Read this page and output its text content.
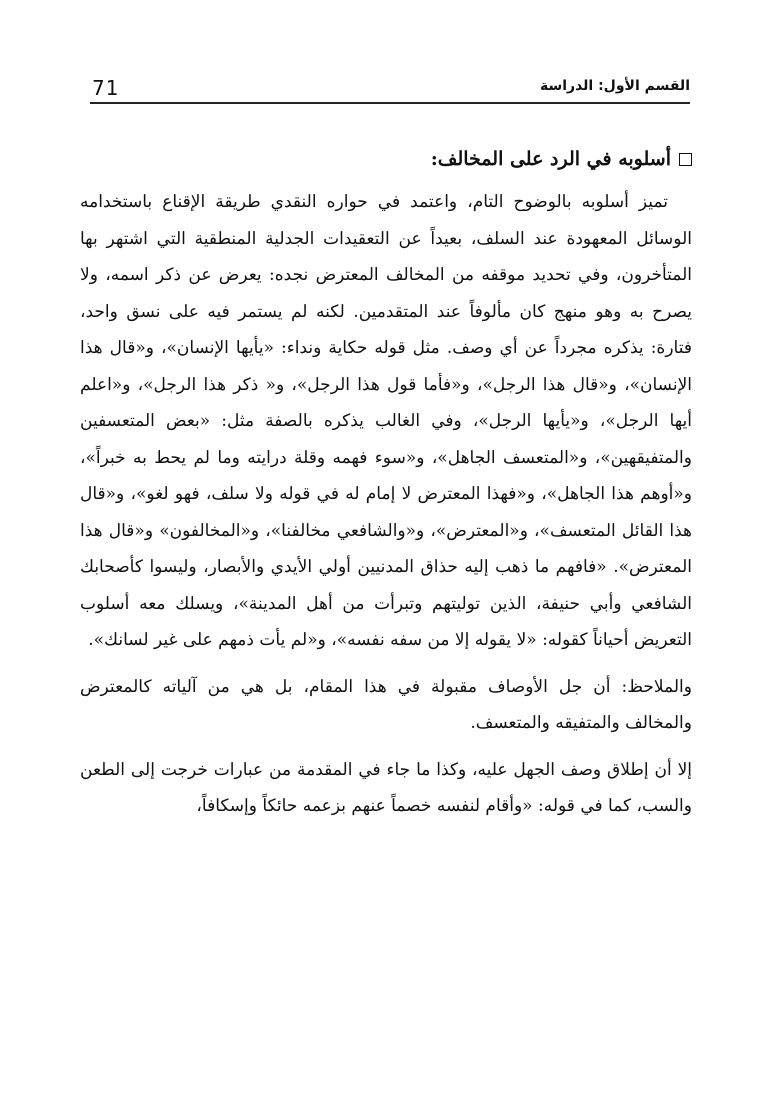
71	القسم الأول: الدراسة
أسلوبه في الرد على المخالف:

تميز أسلوبه بالوضوح التام، واعتمد في حواره النقدي طريقة الإقناع باستخدامه الوسائل المعهودة عند السلف، بعيداً عن التعقيدات الجدلية المنطقية التي اشتهر بها المتأخرون، وفي تحديد موقفه من المخالف المعترض نجده: يعرض عن ذكر اسمه، ولا يصرح به وهو منهج كان مألوفاً عند المتقدمين. لكنه لم يستمر فيه على نسق واحد، فتارة: يذكره مجرداً عن أي وصف. مثل قوله حكاية ونداء: «يأيها الإنسان»، و«قال هذا الإنسان»، و«قال هذا الرجل»، و«فأما قول هذا الرجل»، و« ذكر هذا الرجل»، و«اعلم أيها الرجل»، و«يأيها الرجل»، وفي الغالب يذكره بالصفة مثل: «بعض المتعسفين والمتفيقهين»، و«المتعسف الجاهل»، و«سوء فهمه وقلة درايته وما لم يحط به خبراً»، و«أوهم هذا الجاهل»، و«فهذا المعترض لا إمام له في قوله ولا سلف، فهو لغو»، و«قال هذا القائل المتعسف»، و«المعترض»، و«والشافعي مخالفنا»، و«المخالفون» و«قال هذا المعترض». «فافهم ما ذهب إليه حذاق المدنيين أولي الأيدي والأبصار، وليسوا كأصحابك الشافعي وأبي حنيفة، الذين توليتهم وتبرأت من أهل المدينة»، ويسلك معه أسلوب التعريض أحياناً كقوله: «لا يقوله إلا من سفه نفسه»، و«لم يأت ذمهم على غير لسانك».

والملاحظ: أن جل الأوصاف مقبولة في هذا المقام، بل هي من آلياته كالمعترض والمخالف والمتفيقه والمتعسف.

إلا أن إطلاق وصف الجهل عليه، وكذا ما جاء في المقدمة من عبارات خرجت إلى الطعن والسب، كما في قوله: «وأقام لنفسه خصماً عنهم بزعمه حائكاً وإسكافاً،
